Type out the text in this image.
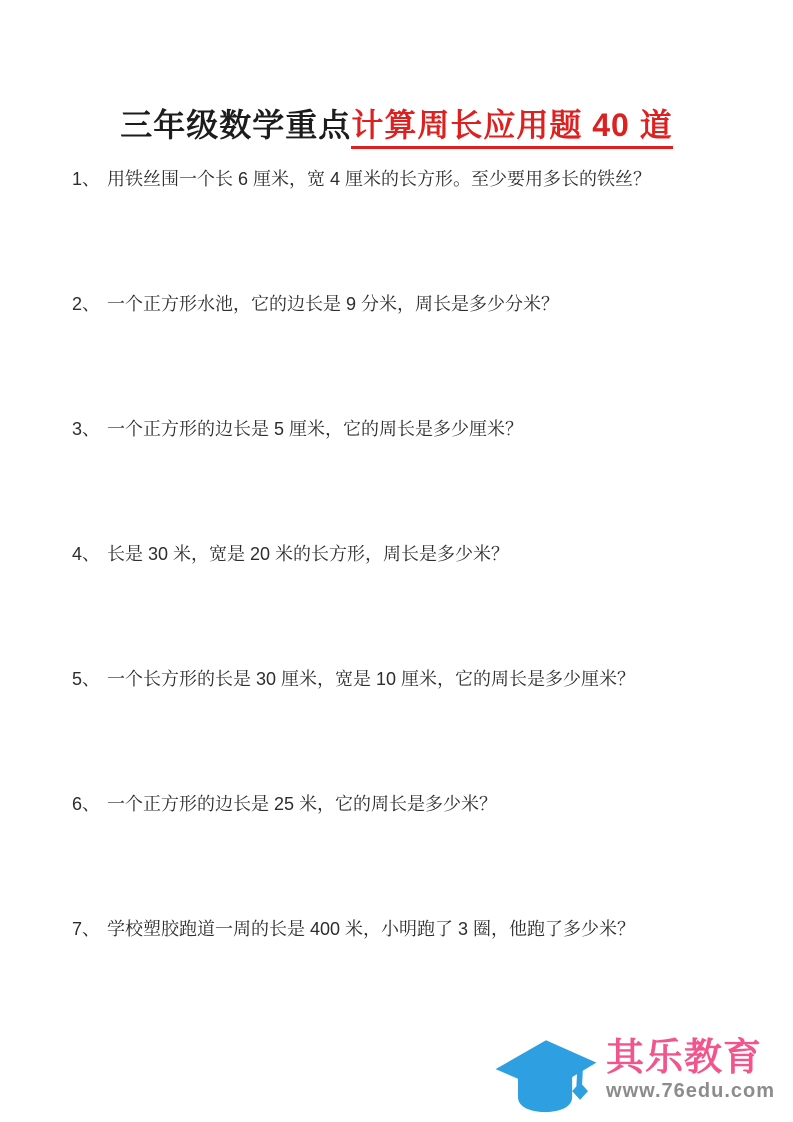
三年级数学重点计算周长应用题 40 道
1、 用铁丝围一个长 6 厘米，宽 4 厘米的长方形。至少要用多长的铁丝？
2、 一个正方形水池，它的边长是 9 分米，周长是多少分米？
3、 一个正方形的边长是 5 厘米，它的周长是多少厘米？
4、 长是 30 米，宽是 20 米的长方形，周长是多少米？
5、 一个长方形的长是 30 厘米，宽是 10 厘米，它的周长是多少厘米？
6、 一个正方形的边长是 25 米，它的周长是多少米？
7、 学校塑胶跑道一周的长是 400 米，小明跑了 3 圈，他跑了多少米？
其乐教育
www.76edu.com
